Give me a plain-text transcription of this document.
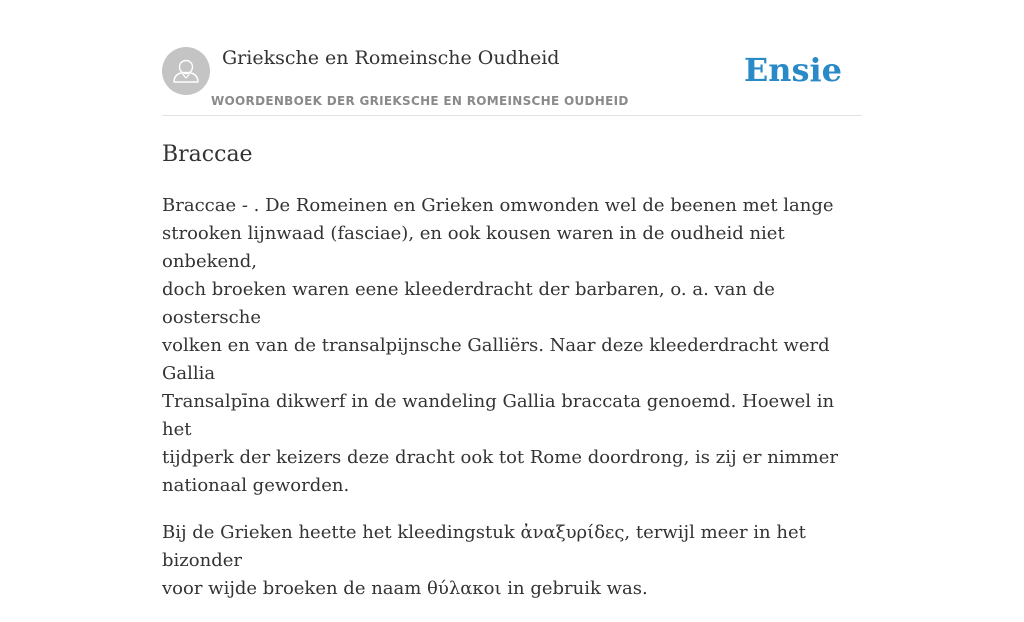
Grieksche en Romeinsche Oudheid
WOORDENBOEK DER GRIEKSCHE EN ROMEINSCHE OUDHEID
Ensie
Braccae

Braccae - . De Romeinen en Grieken omwonden wel de beenen met lange
strooken lijnwaad (fasciae), en ook kousen waren in de oudheid niet onbekend,
doch broeken waren eene kleederdracht der barbaren, o. a. van de oostersche
volken en van de transalpijnsche Galliërs. Naar deze kleederdracht werd Gallia
Transalpīna dikwerf in de wandeling Gallia braccata genoemd. Hoewel in het
tijdperk der keizers deze dracht ook tot Rome doordrong, is zij er nimmer
nationaal geworden.

Bij de Grieken heette het kleedingstuk ἀναξυρίδες, terwijl meer in het bizonder
voor wijde broeken de naam θύλακοι in gebruik was.
